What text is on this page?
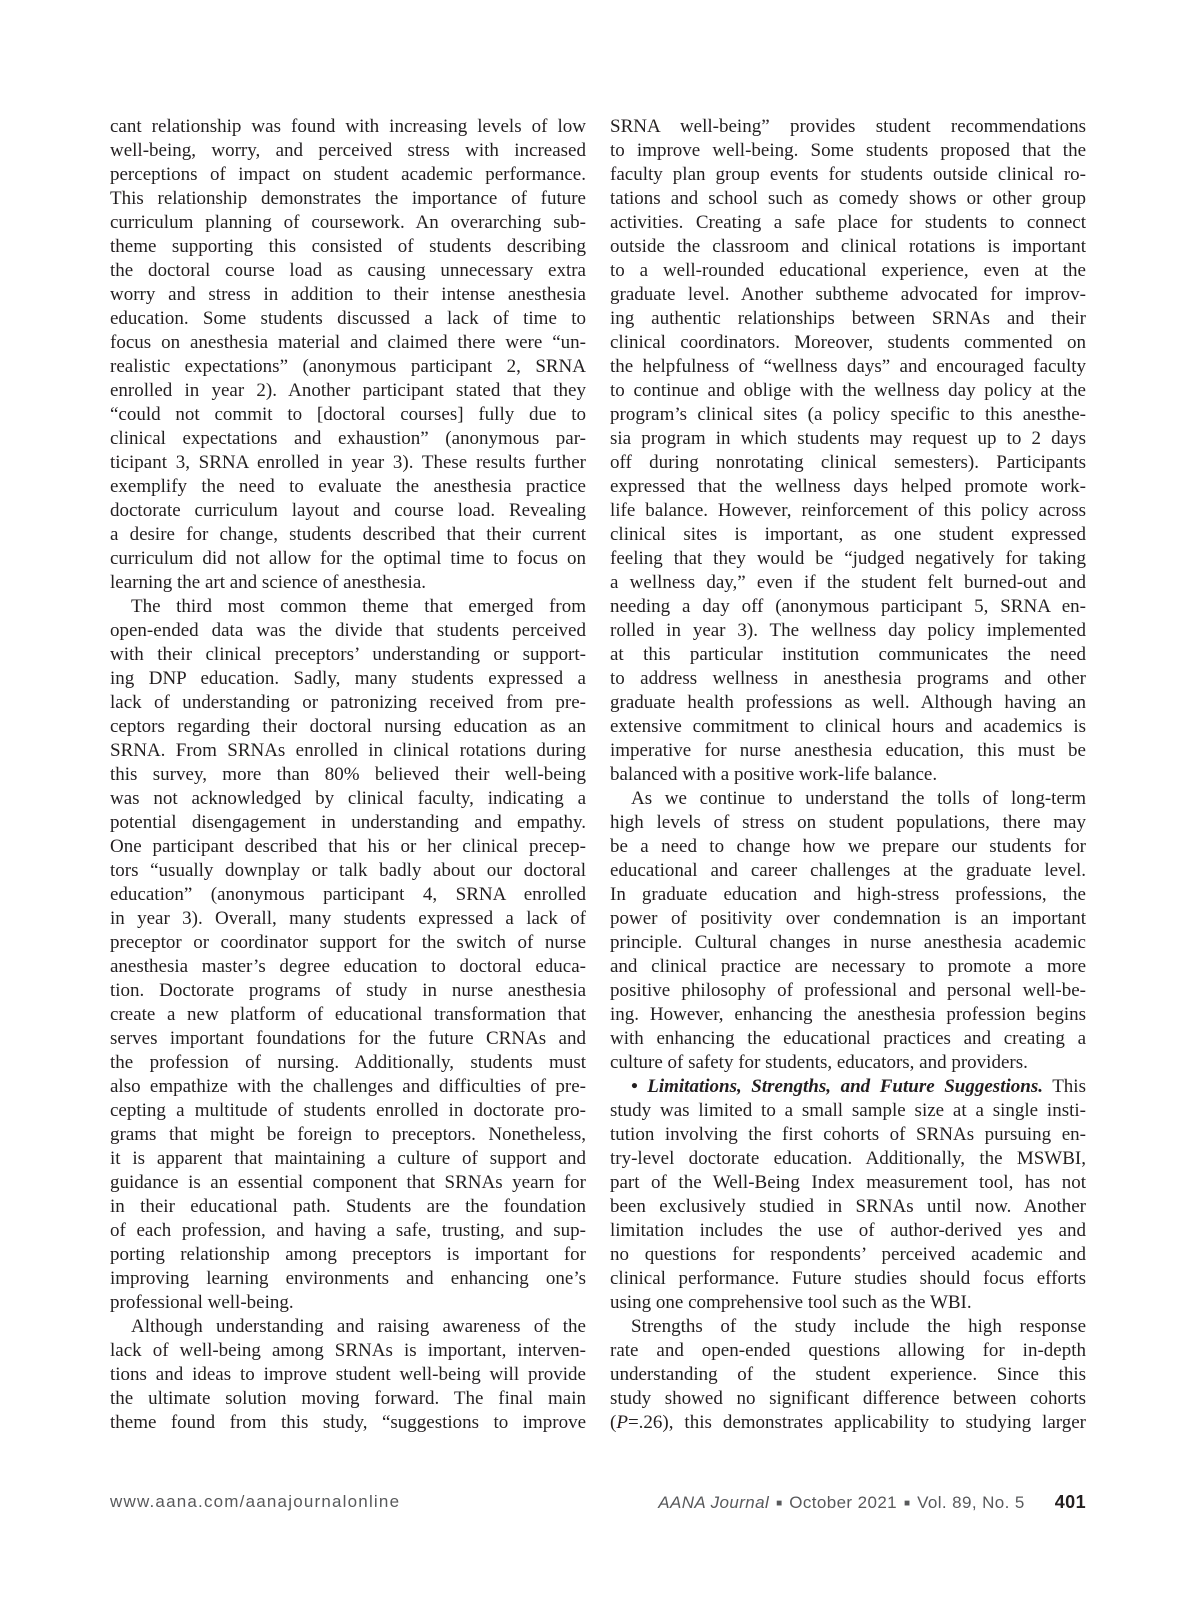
cant relationship was found with increasing levels of low
well-being, worry, and perceived stress with increased
perceptions of impact on student academic performance.
This relationship demonstrates the importance of future
curriculum planning of coursework. An overarching sub-
theme supporting this consisted of students describing
the doctoral course load as causing unnecessary extra
worry and stress in addition to their intense anesthesia
education. Some students discussed a lack of time to
focus on anesthesia material and claimed there were “un-
realistic expectations” (anonymous participant 2, SRNA
enrolled in year 2). Another participant stated that they
“could not commit to [doctoral courses] fully due to
clinical expectations and exhaustion” (anonymous par-
ticipant 3, SRNA enrolled in year 3). These results further
exemplify the need to evaluate the anesthesia practice
doctorate curriculum layout and course load. Revealing
a desire for change, students described that their current
curriculum did not allow for the optimal time to focus on
learning the art and science of anesthesia.
The third most common theme that emerged from
open-ended data was the divide that students perceived
with their clinical preceptors’ understanding or support-
ing DNP education. Sadly, many students expressed a
lack of understanding or patronizing received from pre-
ceptors regarding their doctoral nursing education as an
SRNA. From SRNAs enrolled in clinical rotations during
this survey, more than 80% believed their well-being
was not acknowledged by clinical faculty, indicating a
potential disengagement in understanding and empathy.
One participant described that his or her clinical precep-
tors “usually downplay or talk badly about our doctoral
education” (anonymous participant 4, SRNA enrolled
in year 3). Overall, many students expressed a lack of
preceptor or coordinator support for the switch of nurse
anesthesia master’s degree education to doctoral educa-
tion. Doctorate programs of study in nurse anesthesia
create a new platform of educational transformation that
serves important foundations for the future CRNAs and
the profession of nursing. Additionally, students must
also empathize with the challenges and difficulties of pre-
cepting a multitude of students enrolled in doctorate pro-
grams that might be foreign to preceptors. Nonetheless,
it is apparent that maintaining a culture of support and
guidance is an essential component that SRNAs yearn for
in their educational path. Students are the foundation
of each profession, and having a safe, trusting, and sup-
porting relationship among preceptors is important for
improving learning environments and enhancing one’s
professional well-being.
Although understanding and raising awareness of the
lack of well-being among SRNAs is important, interven-
tions and ideas to improve student well-being will provide
the ultimate solution moving forward. The final main
theme found from this study, “suggestions to improve
SRNA well-being” provides student recommendations
to improve well-being. Some students proposed that the
faculty plan group events for students outside clinical ro-
tations and school such as comedy shows or other group
activities. Creating a safe place for students to connect
outside the classroom and clinical rotations is important
to a well-rounded educational experience, even at the
graduate level. Another subtheme advocated for improv-
ing authentic relationships between SRNAs and their
clinical coordinators. Moreover, students commented on
the helpfulness of “wellness days” and encouraged faculty
to continue and oblige with the wellness day policy at the
program’s clinical sites (a policy specific to this anesthe-
sia program in which students may request up to 2 days
off during nonrotating clinical semesters). Participants
expressed that the wellness days helped promote work-
life balance. However, reinforcement of this policy across
clinical sites is important, as one student expressed
feeling that they would be “judged negatively for taking
a wellness day,” even if the student felt burned-out and
needing a day off (anonymous participant 5, SRNA en-
rolled in year 3). The wellness day policy implemented
at this particular institution communicates the need
to address wellness in anesthesia programs and other
graduate health professions as well. Although having an
extensive commitment to clinical hours and academics is
imperative for nurse anesthesia education, this must be
balanced with a positive work-life balance.
As we continue to understand the tolls of long-term
high levels of stress on student populations, there may
be a need to change how we prepare our students for
educational and career challenges at the graduate level.
In graduate education and high-stress professions, the
power of positivity over condemnation is an important
principle. Cultural changes in nurse anesthesia academic
and clinical practice are necessary to promote a more
positive philosophy of professional and personal well-be-
ing. However, enhancing the anesthesia profession begins
with enhancing the educational practices and creating a
culture of safety for students, educators, and providers.
• Limitations, Strengths, and Future Suggestions. This
study was limited to a small sample size at a single insti-
tution involving the first cohorts of SRNAs pursuing en-
try-level doctorate education. Additionally, the MSWBI,
part of the Well-Being Index measurement tool, has not
been exclusively studied in SRNAs until now. Another
limitation includes the use of author-derived yes and
no questions for respondents’ perceived academic and
clinical performance. Future studies should focus efforts
using one comprehensive tool such as the WBI.
Strengths of the study include the high response
rate and open-ended questions allowing for in-depth
understanding of the student experience. Since this
study showed no significant difference between cohorts
(P=.26), this demonstrates applicability to studying larger
www.aana.com/aanajournalonline	AANA Journal ■ October 2021 ■ Vol. 89, No. 5 401
